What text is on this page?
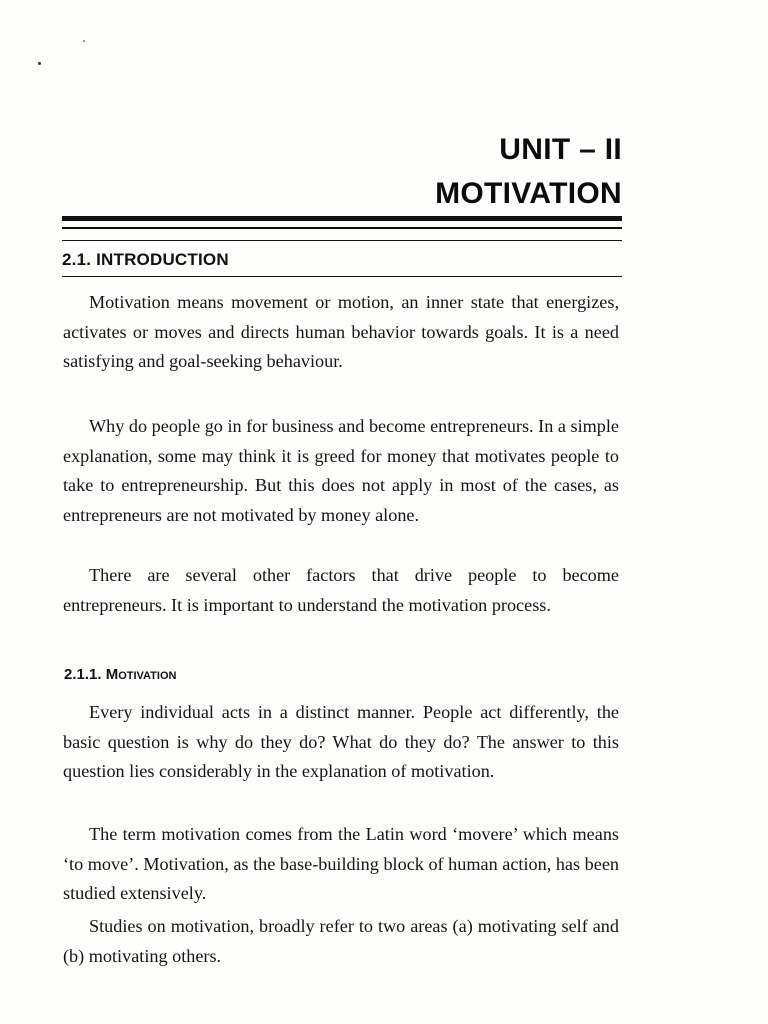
UNIT – II
MOTIVATION
2.1. INTRODUCTION

Motivation means movement or motion, an inner state that energizes, activates or moves and directs human behavior towards goals. It is a need satisfying and goal-seeking behaviour.

Why do people go in for business and become entrepreneurs. In a simple explanation, some may think it is greed for money that motivates people to take to entrepreneurship. But this does not apply in most of the cases, as entrepreneurs are not motivated by money alone.

There are several other factors that drive people to become entrepreneurs. It is important to understand the motivation process.

2.1.1. Motivation

Every individual acts in a distinct manner. People act differently, the basic question is why do they do? What do they do? The answer to this question lies considerably in the explanation of motivation.

The term motivation comes from the Latin word ‘movere’ which means ‘to move’. Motivation, as the base-building block of human action, has been studied extensively.

Studies on motivation, broadly refer to two areas (a) motivating self and (b) motivating others.
